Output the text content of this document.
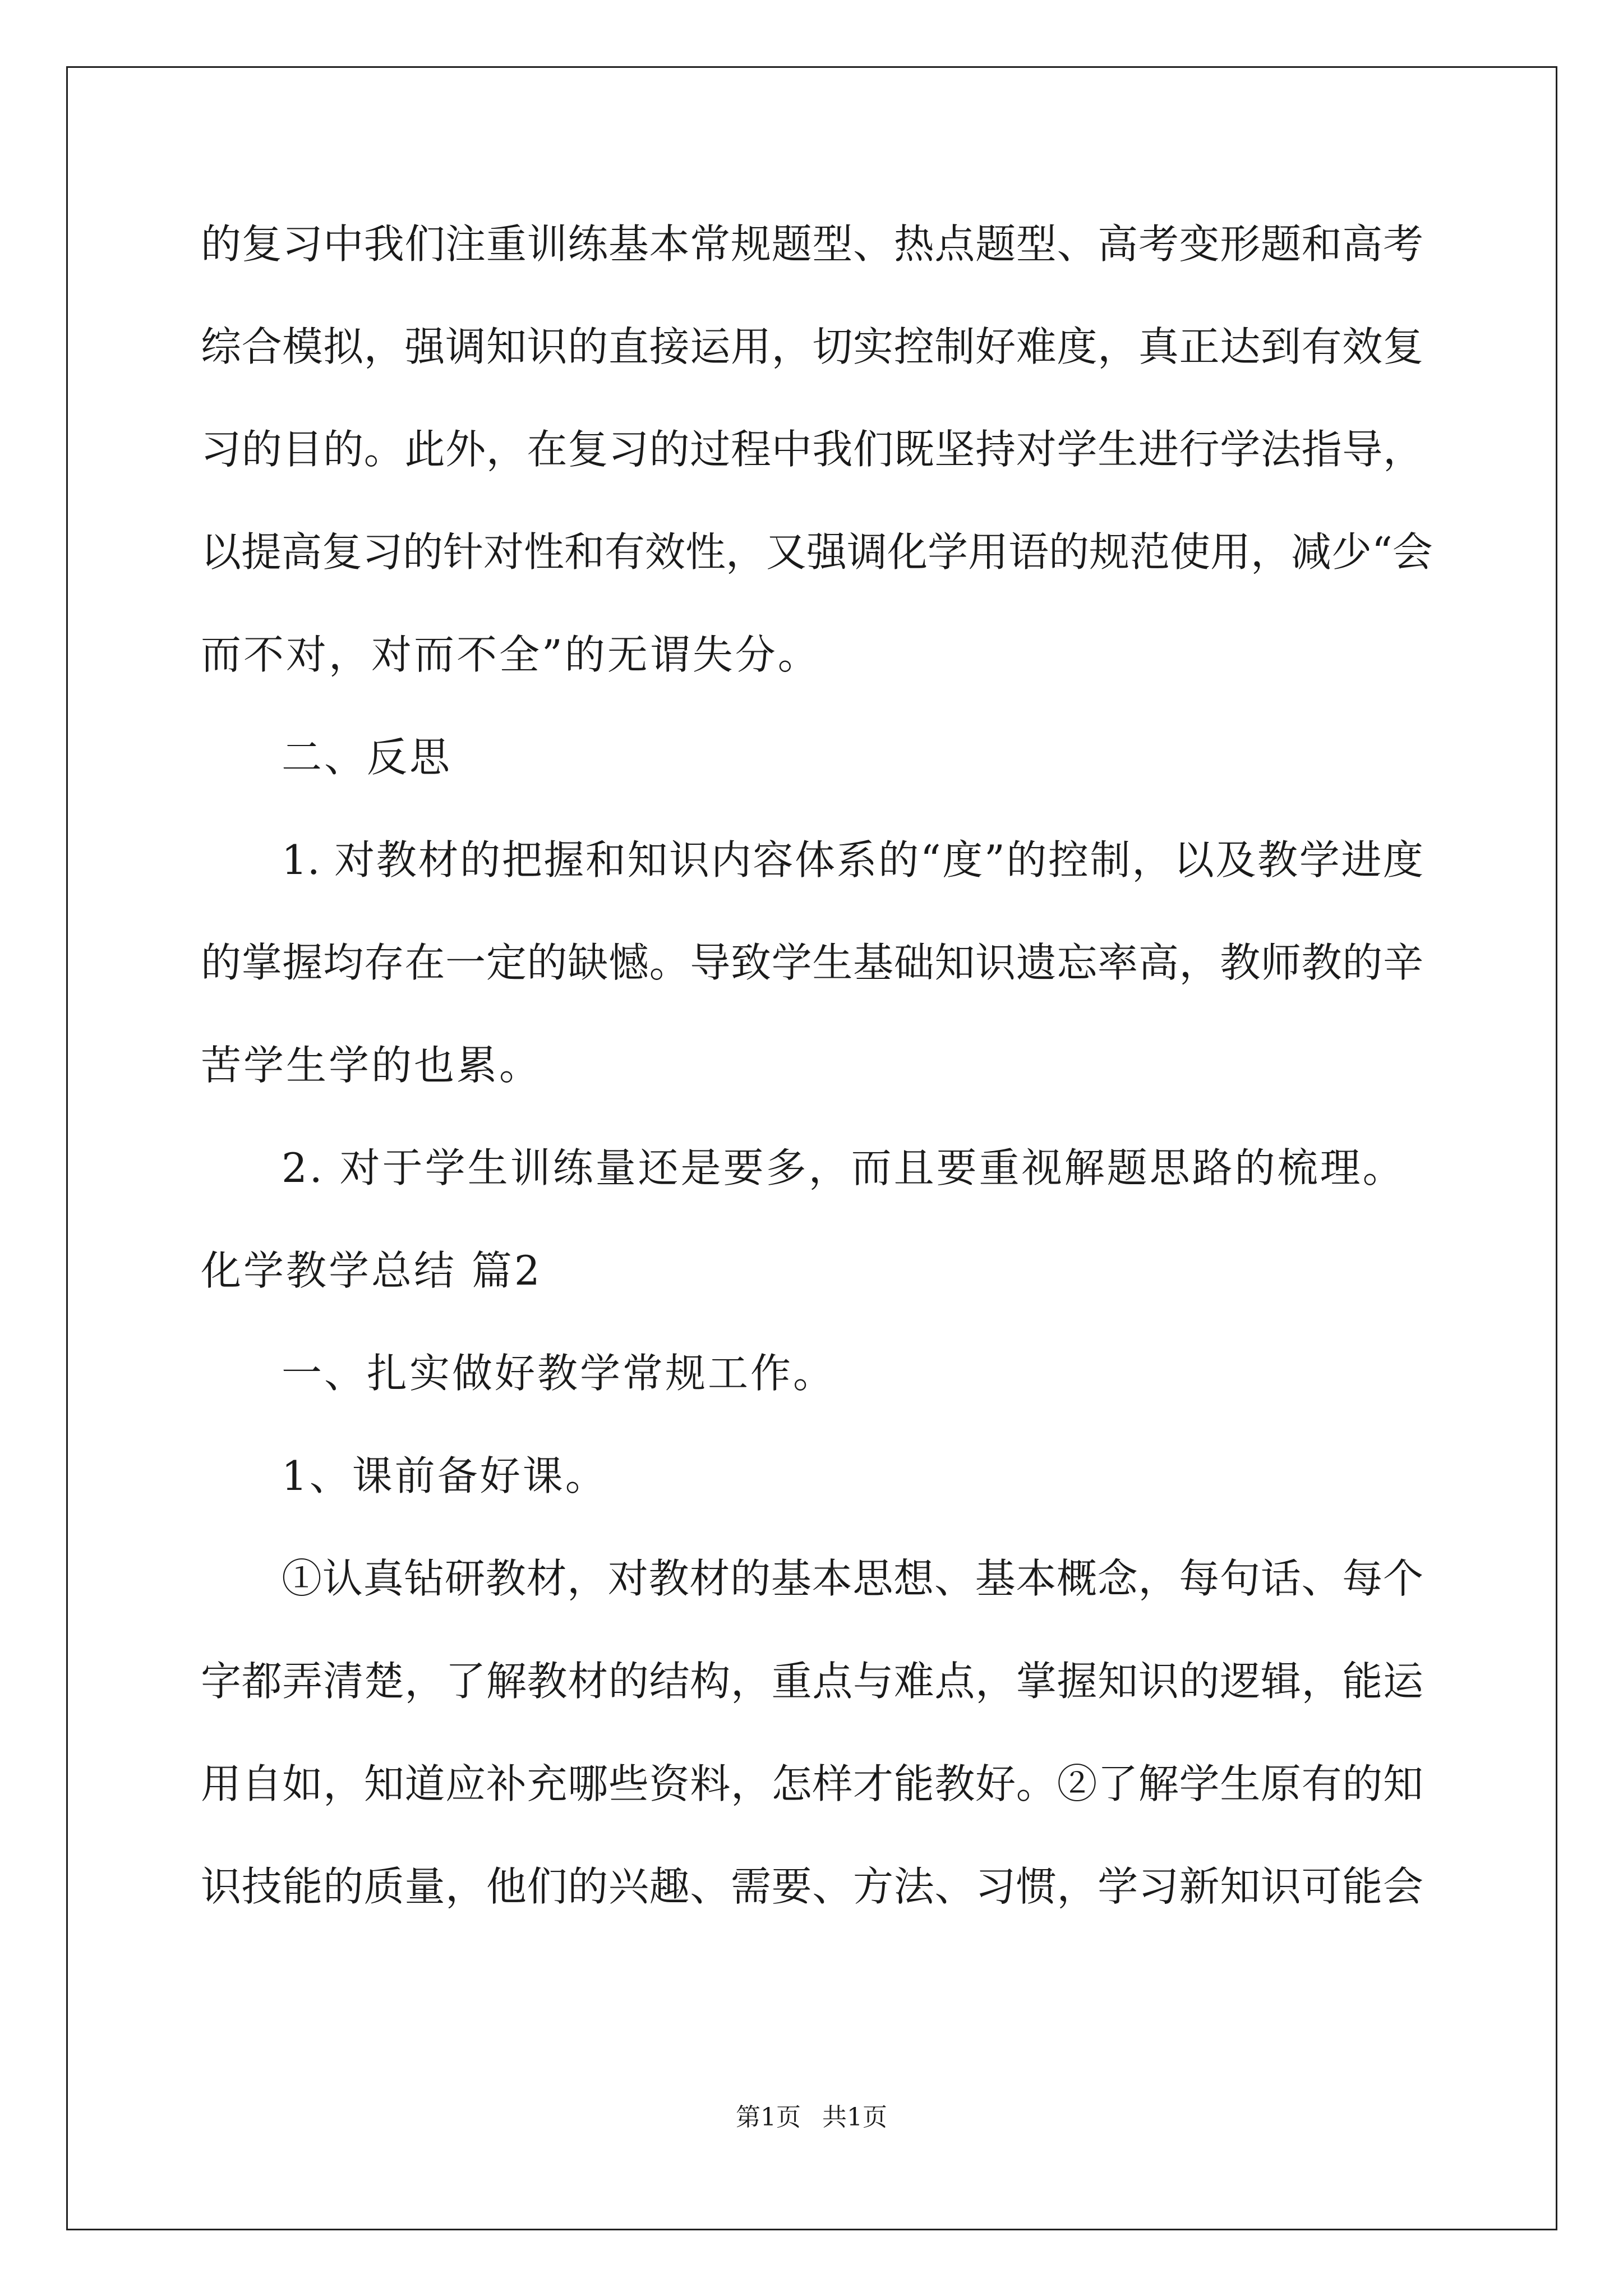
的复习中我们注重训练基本常规题型、热点题型、高考变形题和高考
综合模拟，强调知识的直接运用，切实控制好难度，真正达到有效复
习的目的。此外，在复习的过程中我们既坚持对学生进行学法指导，
以提高复习的针对性和有效性，又强调化学用语的规范使用，减少“会
而不对，对而不全”的无谓失分。
二、反思
1. 对教材的把握和知识内容体系的“度”的控制，以及教学进度
的掌握均存在一定的缺憾。导致学生基础知识遗忘率高，教师教的辛
苦学生学的也累。
2. 对于学生训练量还是要多，而且要重视解题思路的梳理。
化学教学总结 篇2
一、扎实做好教学常规工作。
1、课前备好课。
①认真钻研教材，对教材的基本思想、基本概念，每句话、每个
字都弄清楚，了解教材的结构，重点与难点，掌握知识的逻辑，能运
用自如，知道应补充哪些资料，怎样才能教好。②了解学生原有的知
识技能的质量，他们的兴趣、需要、方法、习惯，学习新知识可能会
第1页 共1页
